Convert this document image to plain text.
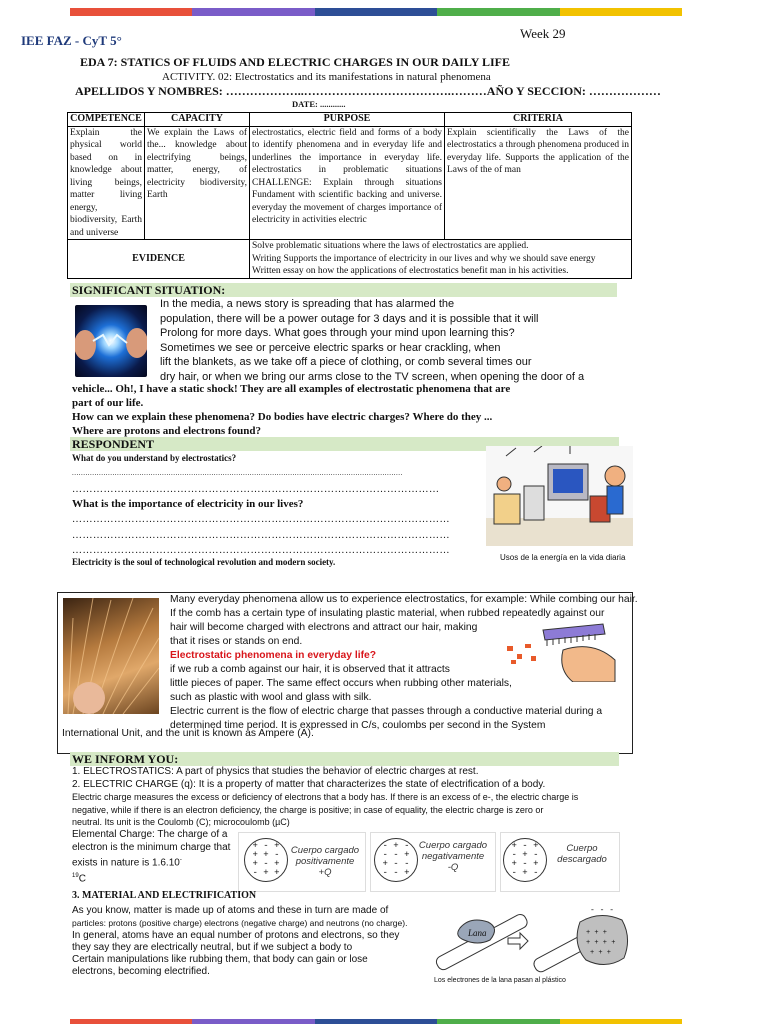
IEE FAZ - CyT 5°	Week 29
EDA 7: STATICS OF FLUIDS AND ELECTRIC CHARGES IN OUR DAILY LIFE
ACTIVITY. 02: Electrostatics and its manifestations in natural phenomena
APELLIDOS Y NOMBRES: ………………..……………………………….………AÑO Y SECCION: ………………
DATE: ............
COMPETENCE	CAPACITY	PURPOSE	CRITERIA
Explain the physical world based on in knowledge about living beings, matter living energy, biodiversity, Earth and universe	We explain the Laws of the... knowledge about electrifying beings, matter, energy, of electricity biodiversity, Earth	electrostatics, electric field and forms of a body to identify phenomena and in everyday life and underlines the importance in everyday life. electrostatics in problematic situations CHALLENGE: Explain through situations Fundament with scientific backing and universe. everyday the movement of charges importance of electricity in activities electric	Explain scientifically the Laws of the electrostatics a through phenomena produced in everyday life. Supports the application of the Laws of the of man
EVIDENCE		Solve problematic situations where the laws of electrostatics are applied.
Writing Supports the importance of electricity in our lives and why we should save energy
Written essay on how the applications of electrostatics benefit man in his activities.	
SIGNIFICANT SITUATION:
In the media, a news story is spreading that has alarmed the
population, there will be a power outage for 3 days and it is possible that it will
Prolong for more days. What goes through your mind upon learning this?
Sometimes we see or perceive electric sparks or hear crackling, when
lift the blankets, as we take off a piece of clothing, or comb several times our
dry hair, or when we bring our arms close to the TV screen, when opening the door of a
vehicle... Oh!, I have a static shock! They are all examples of electrostatic phenomena that are
part of our life.
How can we explain these phenomena? Do bodies have electric charges? Where do they ...
Where are protons and electrons found?
RESPONDENT
What do you understand by electrostatics?
...................................................................................................................................................
……………………………………………………………………………………………
What is the importance of electricity in our lives?
………………………………………………………………………………………………
………………………………………………………………………………………………
………………………………………………………………………………………………
Electricity is the soul of technological revolution and modern society.	Usos de la energía en la vida diaria
Many everyday phenomena allow us to experience electrostatics, for example: While combing our hair.
If the comb has a certain type of insulating plastic material, when rubbed repeatedly against our
hair will become charged with electrons and attract our hair, making
that it rises or stands on end.
Electrostatic phenomena in everyday life?
if we rub a comb against our hair, it is observed that it attracts
little pieces of paper. The same effect occurs when rubbing other materials,
such as plastic with wool and glass with silk.
Electric current is the flow of electric charge that passes through a conductive material during a
determined time period. It is expressed in C/s, coulombs per second in the System
International Unit, and the unit is known as Ampere (A).
WE INFORM YOU:
1. ELECTROSTATICS: A part of physics that studies the behavior of electric charges at rest.
2. ELECTRIC CHARGE (q): It is a property of matter that characterizes the state of electrification of a body.
Electric charge measures the excess or deficiency of electrons that a body has. If there is an excess of e-, the electric charge is
negative, while if there is an electron deficiency, the charge is positive; in case of equality, the electric charge is zero or
neutral. Its unit is the Coulomb (C); microcoulomb (µC)
Elemental Charge: The charge of a
electron is the minimum charge that
exists in nature is 1.6.10-
$^{19}$C
+ - +
+ + -
+ - +
- + +
Cuerpo cargado
positivamente
+Q
- + -
- - +
+ - -
- - +
Cuerpo cargado
negativamente
-Q
+ - +
- + -
+ - +
- + -
Cuerpo
descargado
3. MATERIAL AND ELECTRIFICATION
As you know, matter is made up of atoms and these in turn are made of
particles: protons (positive charge) electrons (negative charge) and neutrons (no charge).
In general, atoms have an equal number of protons and electrons, so they
they say they are electrically neutral, but if we subject a body to
Certain manipulations like rubbing them, that body can gain or lose
electrons, becoming electrified.
Lana	+ + +
+ + + +
+ + +
- - -
Los electrones de la lana pasan al plástico
